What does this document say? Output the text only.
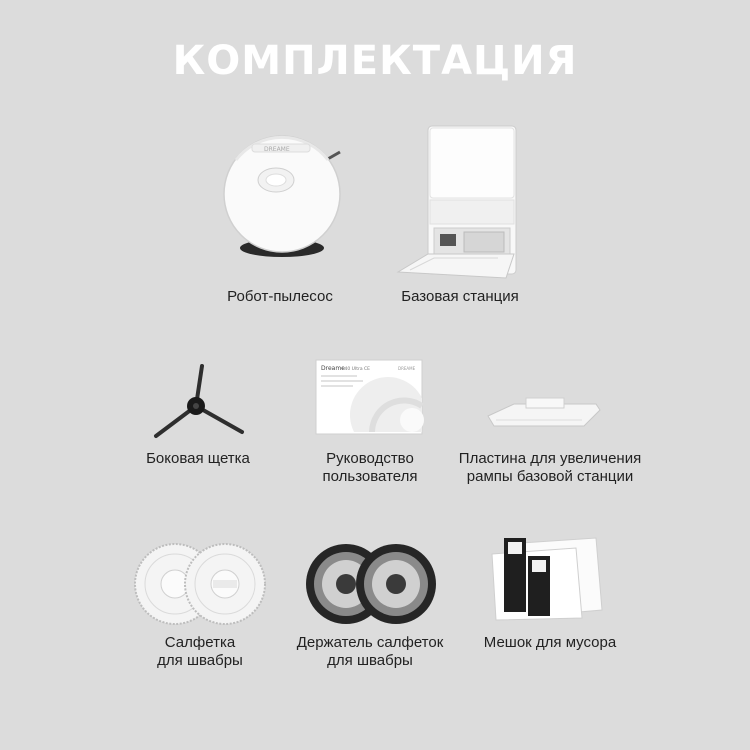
КОМПЛЕКТАЦИЯ
DREAME
Робот-пылесос	Базовая станция
Боковая щетка
Dreame
L40 Ultra CE	DREAME
Руководство
пользователя
Пластина для увеличения
рампы базовой станции
Салфетка
для швабры
Держатель салфеток
для швабры
Мешок для мусора
